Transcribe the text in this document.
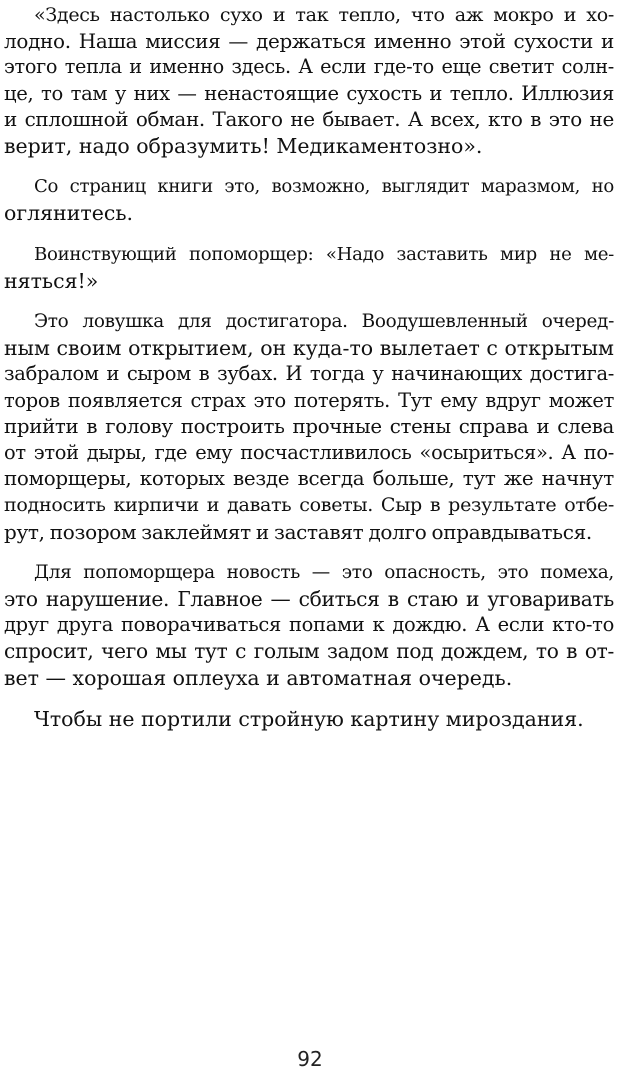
«Здесь настолько сухо и так тепло, что аж мокро и хо-
лодно. Наша миссия — держаться именно этой сухости и
этого тепла и именно здесь. А если где-то еще светит солн-
це, то там у них — ненастоящие сухость и тепло. Иллюзия
и сплошной обман. Такого не бывает. А всех, кто в это не
верит, надо образумить! Медикаментозно».

Со страниц книги это, возможно, выглядит маразмом, но
оглянитесь.

Воинствующий попоморщер: «Надо заставить мир не ме-
няться!»

Это ловушка для достигатора. Воодушевленный очеред-
ным своим открытием, он куда-то вылетает с открытым
забралом и сыром в зубах. И тогда у начинающих достига-
торов появляется страх это потерять. Тут ему вдруг может
прийти в голову построить прочные стены справа и слева
от этой дыры, где ему посчастливилось «осыриться». А по-
поморщеры, которых везде всегда больше, тут же начнут
подносить кирпичи и давать советы. Сыр в результате отбе-
рут, позором заклеймят и заставят долго оправдываться.

Для попоморщера новость — это опасность, это помеха,
это нарушение. Главное — сбиться в стаю и уговаривать
друг друга поворачиваться попами к дождю. А если кто-то
спросит, чего мы тут с голым задом под дождем, то в от-
вет — хорошая оплеуха и автоматная очередь.

Чтобы не портили стройную картину мироздания.

92
